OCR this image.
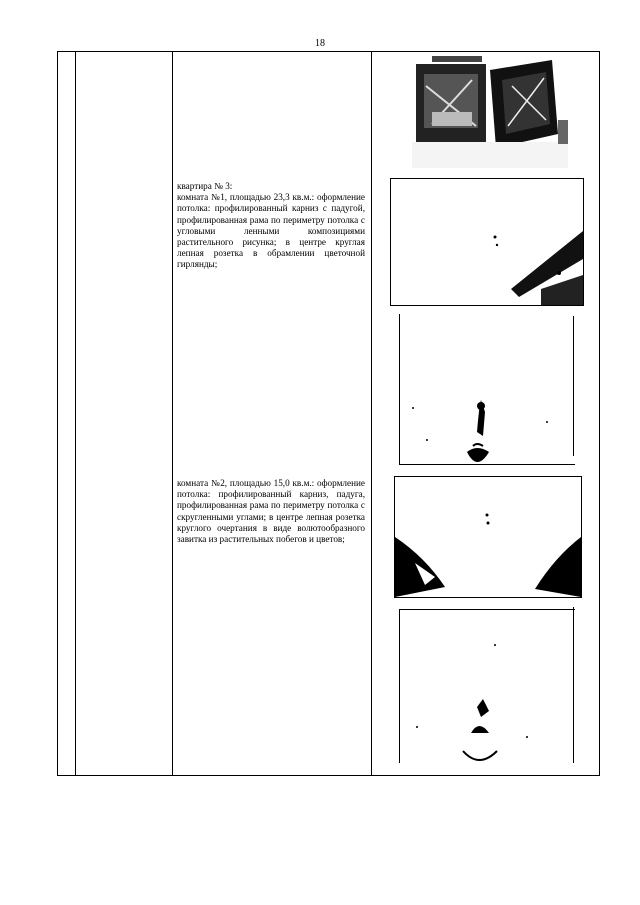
18
квартира № 3:
комната №1, площадью 23,3 кв.м.: оформление потолка: профилированный карниз с падугой, профилированная рама по периметру потолка с угловыми ленными композициями растительного рисунка; в центре круглая лепная розетка в обрамлении цветочной гирлянды;
комната №2, площадью 15,0 кв.м.: оформление потолка: профилированный карниз, падуга, профилированная рама по периметру потолка с скругленными углами; в центре лепная розетка круглого очертания в виде волютообразного завитка из растительных побегов и цветов;
